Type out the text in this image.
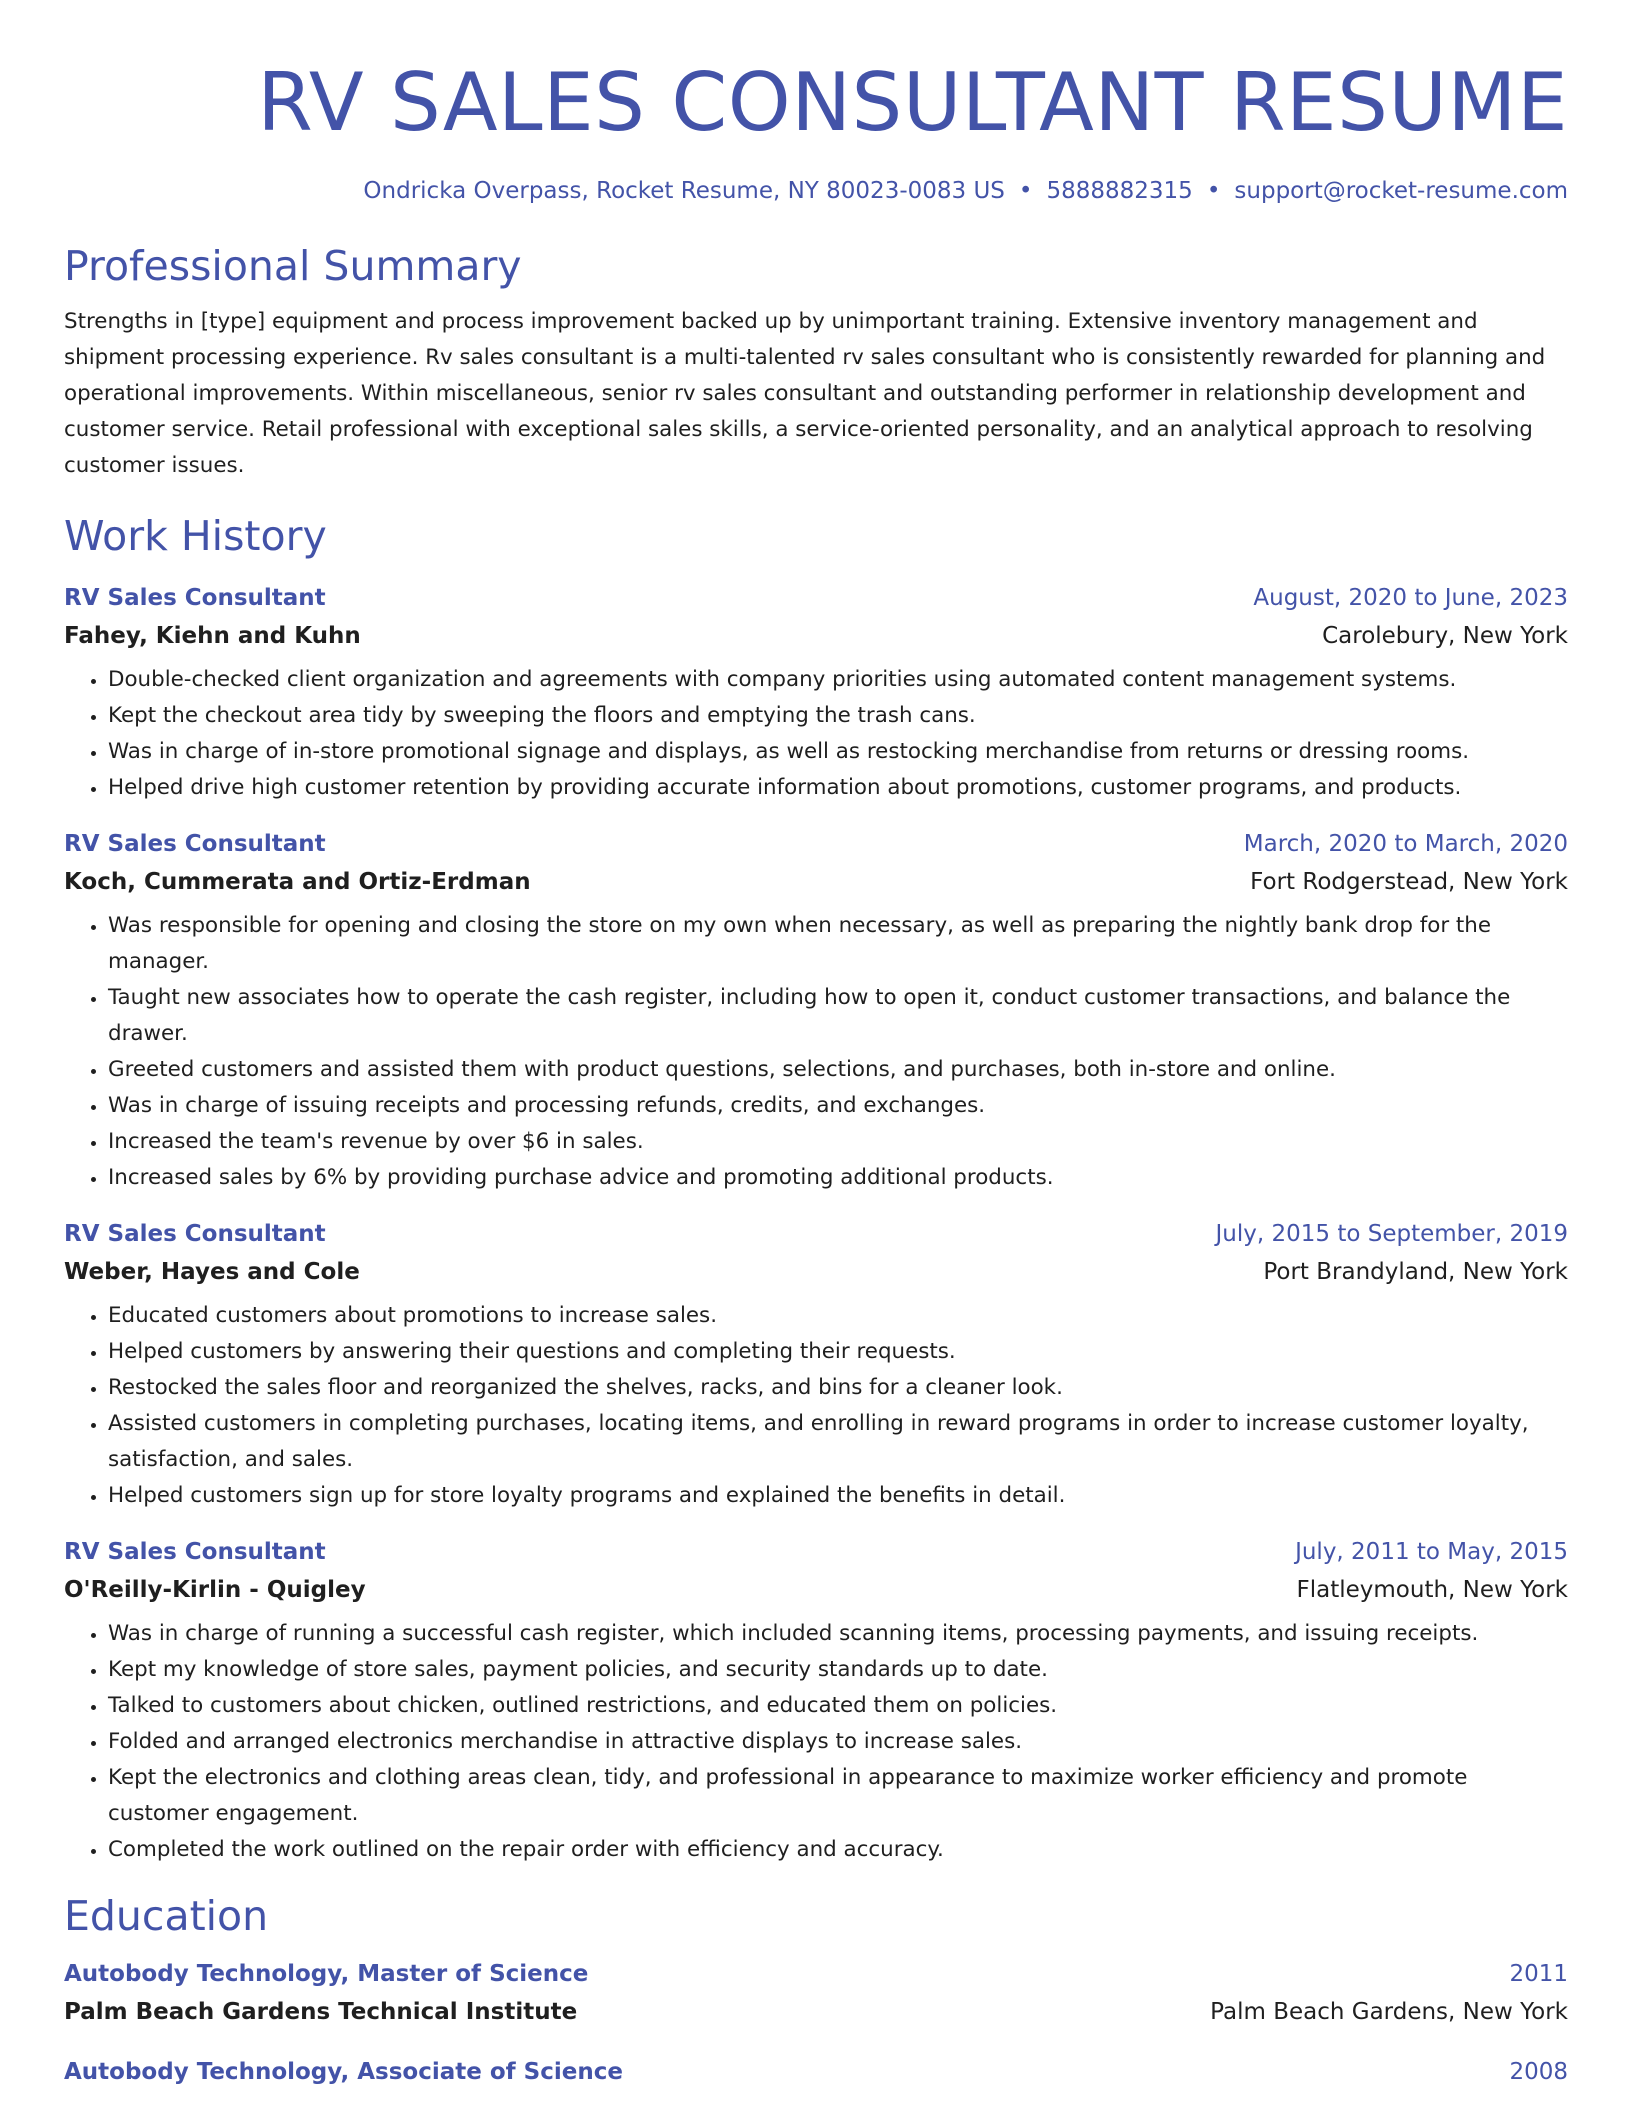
RV SALES CONSULTANT RESUME
Ondricka Overpass, Rocket Resume, NY 80023-0083 US • 5888882315 • support@rocket-resume.com
Professional Summary

Strengths in [type] equipment and process improvement backed up by unimportant training. Extensive inventory management and shipment processing experience. Rv sales consultant is a multi-talented rv sales consultant who is consistently rewarded for planning and operational improvements. Within miscellaneous, senior rv sales consultant and outstanding performer in relationship development and customer service. Retail professional with exceptional sales skills, a service-oriented personality, and an analytical approach to resolving customer issues.

Work History
RV Sales Consultant	August, 2020 to June, 2023
Fahey, Kiehn and Kuhn	Carolebury, New York
• Double-checked client organization and agreements with company priorities using automated content management systems.
• Kept the checkout area tidy by sweeping the floors and emptying the trash cans.
• Was in charge of in-store promotional signage and displays, as well as restocking merchandise from returns or dressing rooms.
• Helped drive high customer retention by providing accurate information about promotions, customer programs, and products.
RV Sales Consultant	March, 2020 to March, 2020
Koch, Cummerata and Ortiz-Erdman	Fort Rodgerstead, New York
• Was responsible for opening and closing the store on my own when necessary, as well as preparing the nightly bank drop for the manager.
• Taught new associates how to operate the cash register, including how to open it, conduct customer transactions, and balance the drawer.
• Greeted customers and assisted them with product questions, selections, and purchases, both in-store and online.
• Was in charge of issuing receipts and processing refunds, credits, and exchanges.
• Increased the team's revenue by over $6 in sales.
• Increased sales by 6% by providing purchase advice and promoting additional products.
RV Sales Consultant	July, 2015 to September, 2019
Weber, Hayes and Cole	Port Brandyland, New York
• Educated customers about promotions to increase sales.
• Helped customers by answering their questions and completing their requests.
• Restocked the sales floor and reorganized the shelves, racks, and bins for a cleaner look.
• Assisted customers in completing purchases, locating items, and enrolling in reward programs in order to increase customer loyalty, satisfaction, and sales.
• Helped customers sign up for store loyalty programs and explained the benefits in detail.
RV Sales Consultant	July, 2011 to May, 2015
O'Reilly-Kirlin - Quigley	Flatleymouth, New York
• Was in charge of running a successful cash register, which included scanning items, processing payments, and issuing receipts.
• Kept my knowledge of store sales, payment policies, and security standards up to date.
• Talked to customers about chicken, outlined restrictions, and educated them on policies.
• Folded and arranged electronics merchandise in attractive displays to increase sales.
• Kept the electronics and clothing areas clean, tidy, and professional in appearance to maximize worker efficiency and promote customer engagement.
• Completed the work outlined on the repair order with efficiency and accuracy.
Education
Autobody Technology, Master of Science	2011
Palm Beach Gardens Technical Institute	Palm Beach Gardens, New York
Autobody Technology, Associate of Science	2008
